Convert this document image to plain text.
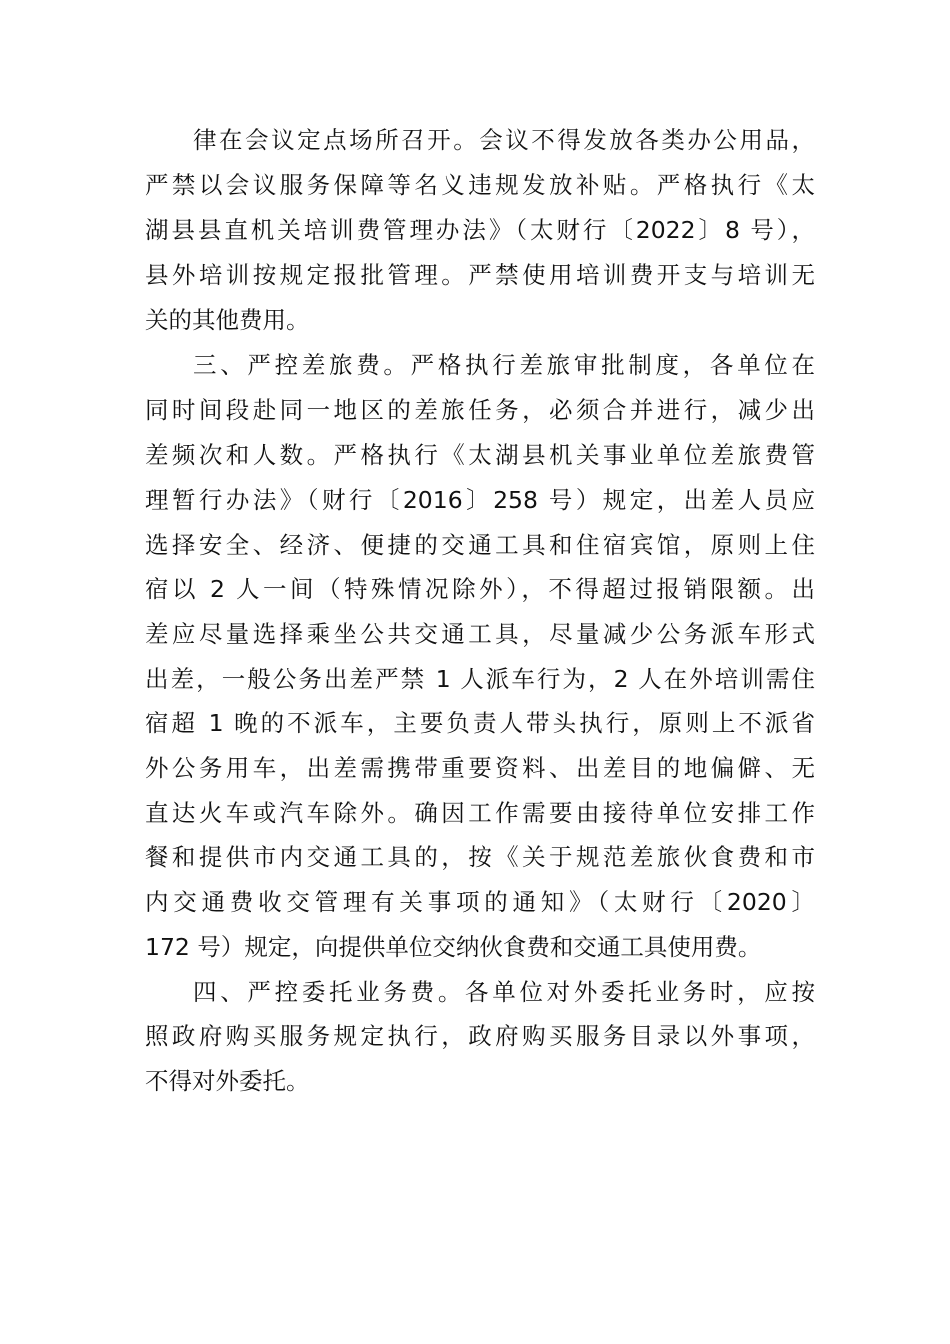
律在会议定点场所召开。会议不得发放各类办公用品，
严禁以会议服务保障等名义违规发放补贴。严格执行《太
湖县县直机关培训费管理办法》（太财行〔2022〕8 号），
县外培训按规定报批管理。严禁使用培训费开支与培训无
关的其他费用。
三、严控差旅费。严格执行差旅审批制度，各单位在
同时间段赴同一地区的差旅任务，必须合并进行，减少出
差频次和人数。严格执行《太湖县机关事业单位差旅费管
理暂行办法》（财行〔2016〕258 号）规定，出差人员应
选择安全、经济、便捷的交通工具和住宿宾馆，原则上住
宿以 2 人一间（特殊情况除外），不得超过报销限额。出
差应尽量选择乘坐公共交通工具，尽量减少公务派车形式
出差，一般公务出差严禁 1 人派车行为，2 人在外培训需住
宿超 1 晚的不派车，主要负责人带头执行，原则上不派省
外公务用车，出差需携带重要资料、出差目的地偏僻、无
直达火车或汽车除外。确因工作需要由接待单位安排工作
餐和提供市内交通工具的，按《关于规范差旅伙食费和市
内交通费收交管理有关事项的通知》（太财行〔2020〕
172 号）规定，向提供单位交纳伙食费和交通工具使用费。
四、严控委托业务费。各单位对外委托业务时，应按
照政府购买服务规定执行，政府购买服务目录以外事项，
不得对外委托。
